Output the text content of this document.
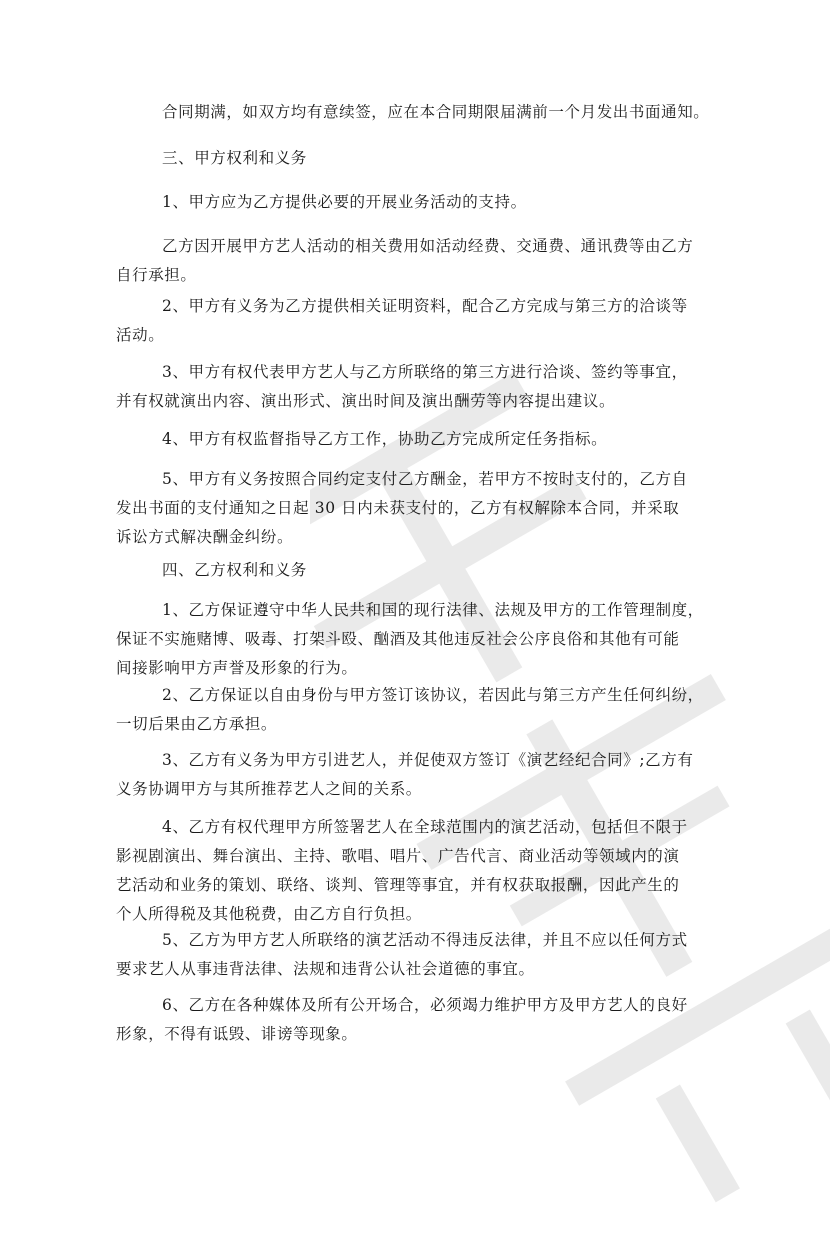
合同期满，如双方均有意续签，应在本合同期限届满前一个月发出书面通知。
三、甲方权利和义务
1、甲方应为乙方提供必要的开展业务活动的支持。
乙方因开展甲方艺人活动的相关费用如活动经费、交通费、通讯费等由乙方
自行承担。
2、甲方有义务为乙方提供相关证明资料，配合乙方完成与第三方的洽谈等
活动。
3、甲方有权代表甲方艺人与乙方所联络的第三方进行洽谈、签约等事宜，
并有权就演出内容、演出形式、演出时间及演出酬劳等内容提出建议。
4、甲方有权监督指导乙方工作，协助乙方完成所定任务指标。
5、甲方有义务按照合同约定支付乙方酬金，若甲方不按时支付的，乙方自
发出书面的支付通知之日起 30 日内未获支付的，乙方有权解除本合同，并采取
诉讼方式解决酬金纠纷。
四、乙方权利和义务
1、乙方保证遵守中华人民共和国的现行法律、法规及甲方的工作管理制度，
保证不实施赌博、吸毒、打架斗殴、酗酒及其他违反社会公序良俗和其他有可能
间接影响甲方声誉及形象的行为。
2、乙方保证以自由身份与甲方签订该协议，若因此与第三方产生任何纠纷，
一切后果由乙方承担。
3、乙方有义务为甲方引进艺人，并促使双方签订《演艺经纪合同》;乙方有
义务协调甲方与其所推荐艺人之间的关系。
4、乙方有权代理甲方所签署艺人在全球范围内的演艺活动，包括但不限于
影视剧演出、舞台演出、主持、歌唱、唱片、广告代言、商业活动等领域内的演
艺活动和业务的策划、联络、谈判、管理等事宜，并有权获取报酬，因此产生的
个人所得税及其他税费，由乙方自行负担。
5、乙方为甲方艺人所联络的演艺活动不得违反法律，并且不应以任何方式
要求艺人从事违背法律、法规和违背公认社会道德的事宜。
6、乙方在各种媒体及所有公开场合，必须竭力维护甲方及甲方艺人的良好
形象，不得有诋毁、诽谤等现象。
